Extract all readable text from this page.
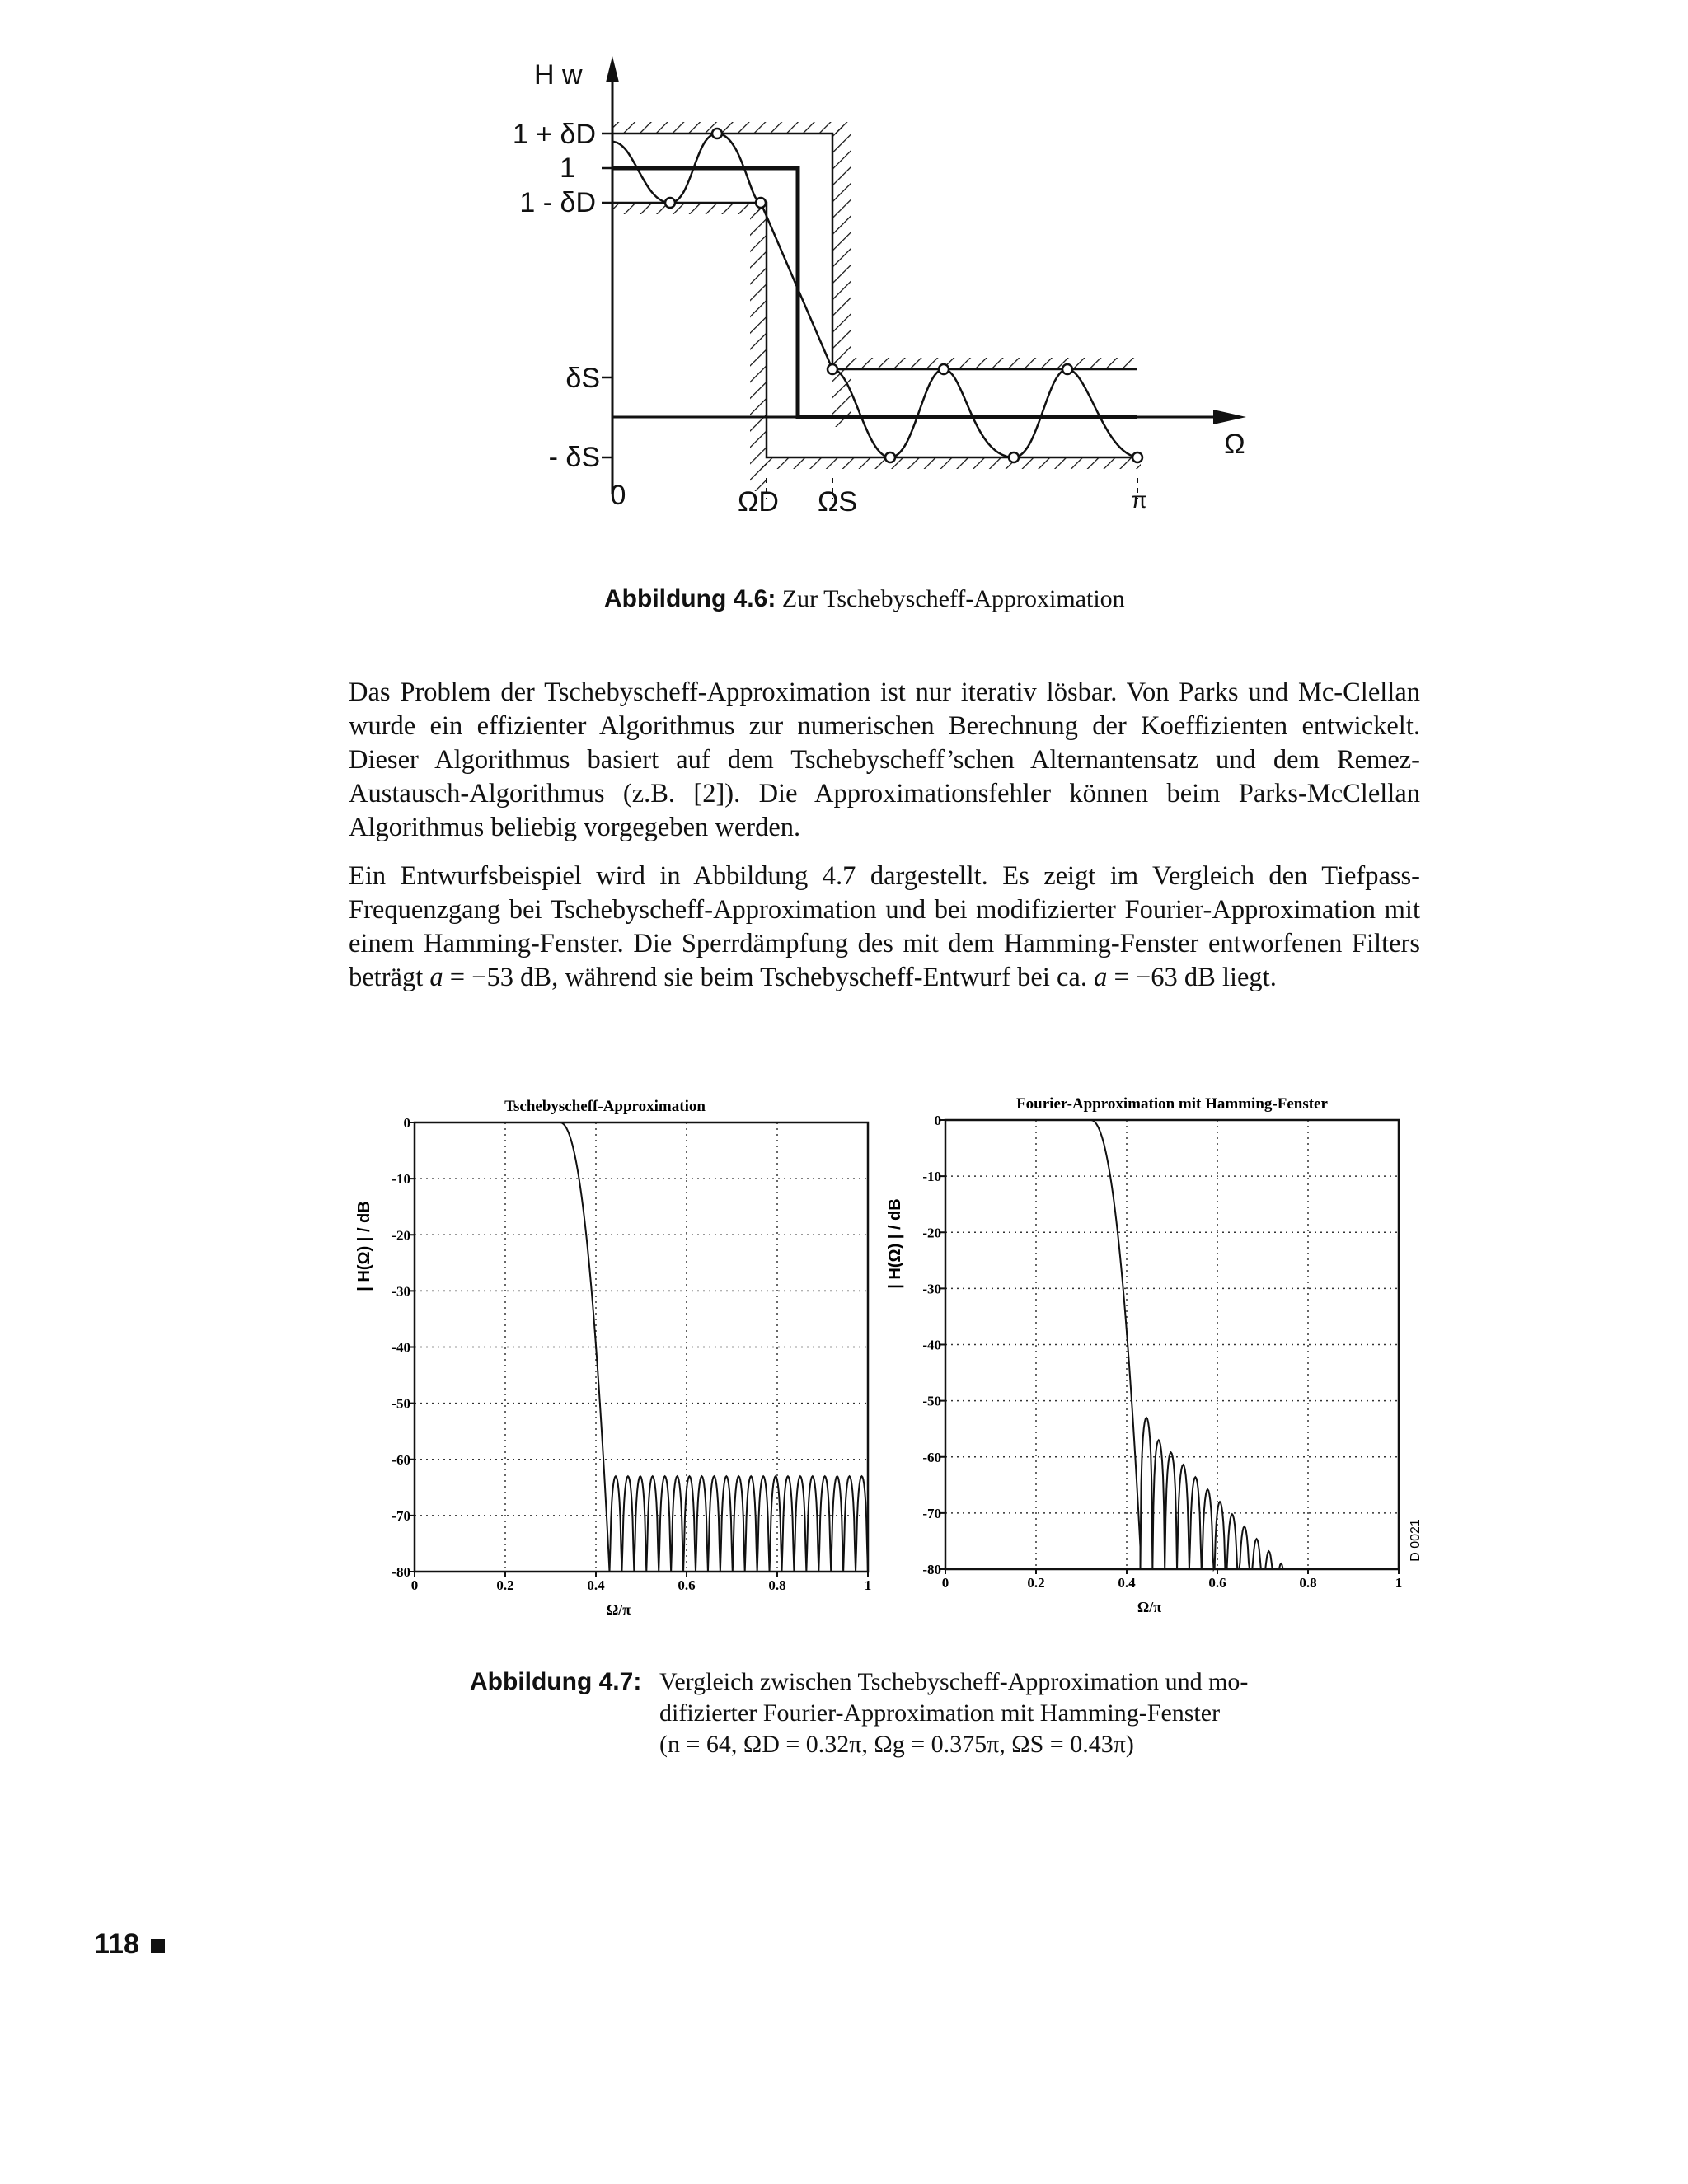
H w
1 + δD
1
1 - δD
δS
- δS
0	ΩD ΩS	π
Ω
Abbildung 4.6: Zur Tschebyscheff-Approximation

Das Problem der Tschebyscheff-Approximation ist nur iterativ lösbar. Von Parks und Mc-Clellan wurde ein effizienter Algorithmus zur numerischen Berechnung der Koeffizienten entwickelt. Dieser Algorithmus basiert auf dem Tschebyscheff’schen Alternantensatz und dem Remez-Austausch-Algorithmus (z.B. [2]). Die Approximationsfehler können beim Parks-McClellan Algorithmus beliebig vorgegeben werden.

Ein Entwurfsbeispiel wird in Abbildung 4.7 dargestellt. Es zeigt im Vergleich den Tiefpass-Frequenzgang bei Tschebyscheff-Approximation und bei modifizierter Fourier-Approximation mit einem Hamming-Fenster. Die Sperrdämpfung des mit dem Hamming-Fenster entworfenen Filters beträgt a = −53 dB, während sie beim Tschebyscheff-Entwurf bei ca. a = −63 dB liegt.

0
-10
-20
-30
-40
-50
-60
-70
-80
0	0.2	0.4	0.6	0.8	1
Tschebyscheff-Approximation
Ω/π
| H(Ω) | / dB
0
-10
-20
-30
-40
-50
-60
-70
-80
0	0.2	0.4	0.6	0.8	1
Fourier-Approximation mit Hamming-Fenster
Ω/π
| H(Ω) | / dB
D 0021
Abbildung 4.7: Vergleich zwischen Tschebyscheff-Approximation und mo-
difizierter Fourier-Approximation mit Hamming-Fenster
(n = 64, ΩD = 0.32π, Ωg = 0.375π, ΩS = 0.43π)
118
